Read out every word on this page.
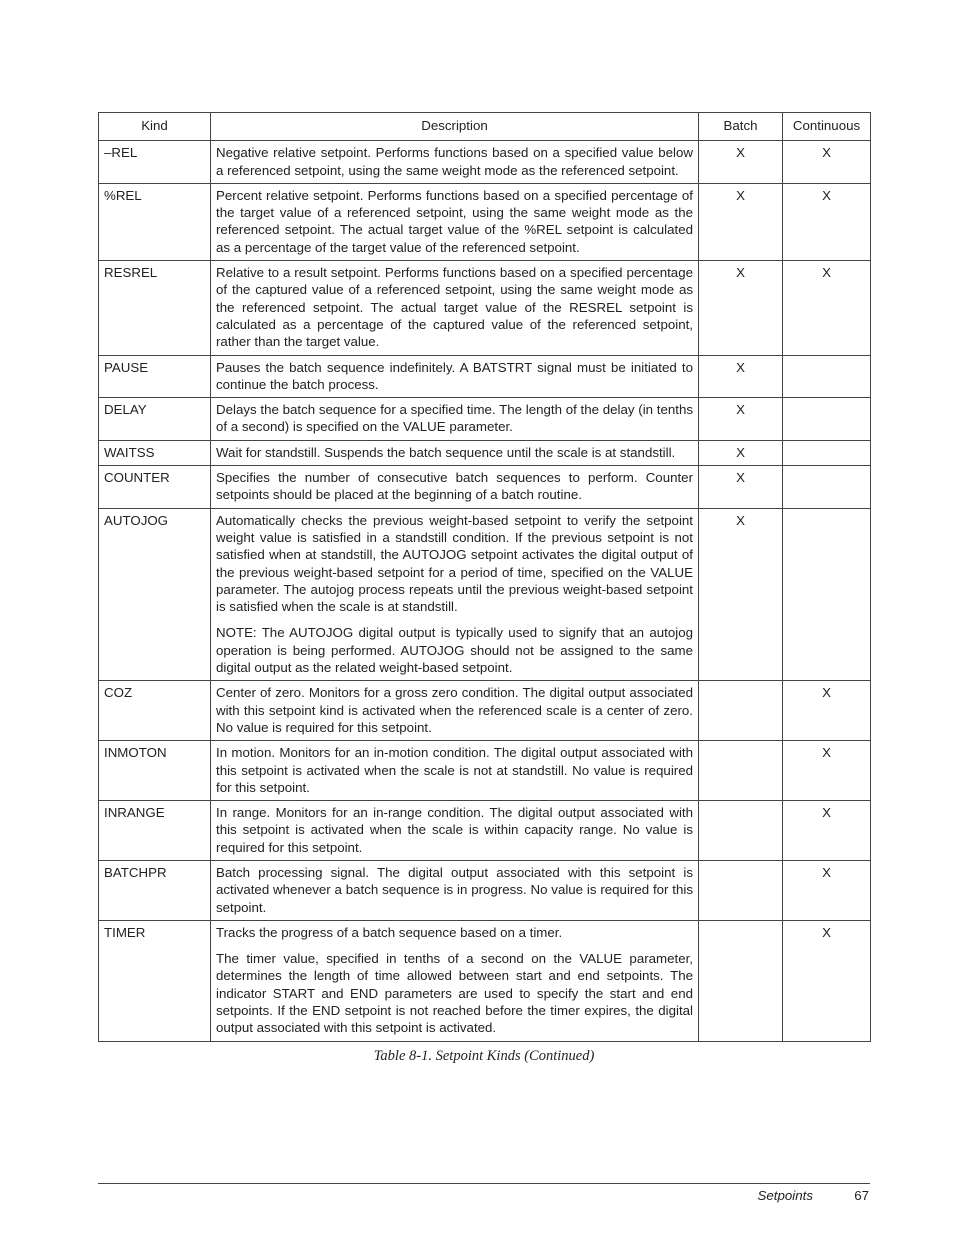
Kind	Description	Batch	Continuous
–REL	Negative relative setpoint. Performs functions based on a specified value below a referenced setpoint, using the same weight mode as the referenced setpoint.	X	X
%REL	Percent relative setpoint. Performs functions based on a specified percentage of the target value of a referenced setpoint, using the same weight mode as the referenced setpoint. The actual target value of the %REL setpoint is calculated as a percentage of the target value of the referenced setpoint.	X	X
RESREL	Relative to a result setpoint. Performs functions based on a specified percentage of the captured value of a referenced setpoint, using the same weight mode as the referenced setpoint. The actual target value of the RESREL setpoint is calculated as a percentage of the captured value of the referenced setpoint, rather than the target value.	X	X
PAUSE	Pauses the batch sequence indefinitely. A BATSTRT signal must be initiated to continue the batch process.	X	
DELAY	Delays the batch sequence for a specified time. The length of the delay (in tenths of a second) is specified on the VALUE parameter.	X	
WAITSS	Wait for standstill. Suspends the batch sequence until the scale is at standstill.	X	
COUNTER	Specifies the number of consecutive batch sequences to perform. Counter setpoints should be placed at the beginning of a batch routine.	X	
AUTOJOG	Automatically checks the previous weight-based setpoint to verify the setpoint weight value is satisfied in a standstill condition. If the previous setpoint is not satisfied when at standstill, the AUTOJOG setpoint activates the digital output of the previous weight-based setpoint for a period of time, specified on the VALUE parameter. The autojog process repeats until the previous weight-based setpoint is satisfied when the scale is at standstill.

NOTE: The AUTOJOG digital output is typically used to signify that an autojog operation is being performed. AUTOJOG should not be assigned to the same digital output as the related weight-based setpoint.	X	
COZ	Center of zero. Monitors for a gross zero condition. The digital output associated with this setpoint kind is activated when the referenced scale is a center of zero. No value is required for this setpoint.		X
INMOTON	In motion. Monitors for an in-motion condition. The digital output associated with this setpoint is activated when the scale is not at standstill. No value is required for this setpoint.		X
INRANGE	In range. Monitors for an in-range condition. The digital output associated with this setpoint is activated when the scale is within capacity range. No value is required for this setpoint.		X
BATCHPR	Batch processing signal. The digital output associated with this setpoint is activated whenever a batch sequence is in progress. No value is required for this setpoint.		X
TIMER	Tracks the progress of a batch sequence based on a timer.

The timer value, specified in tenths of a second on the VALUE parameter, determines the length of time allowed between start and end setpoints. The indicator START and END parameters are used to specify the start and end setpoints. If the END setpoint is not reached before the timer expires, the digital output associated with this setpoint is activated.		X
Table 8-1. Setpoint Kinds (Continued)
Setpoints	67
